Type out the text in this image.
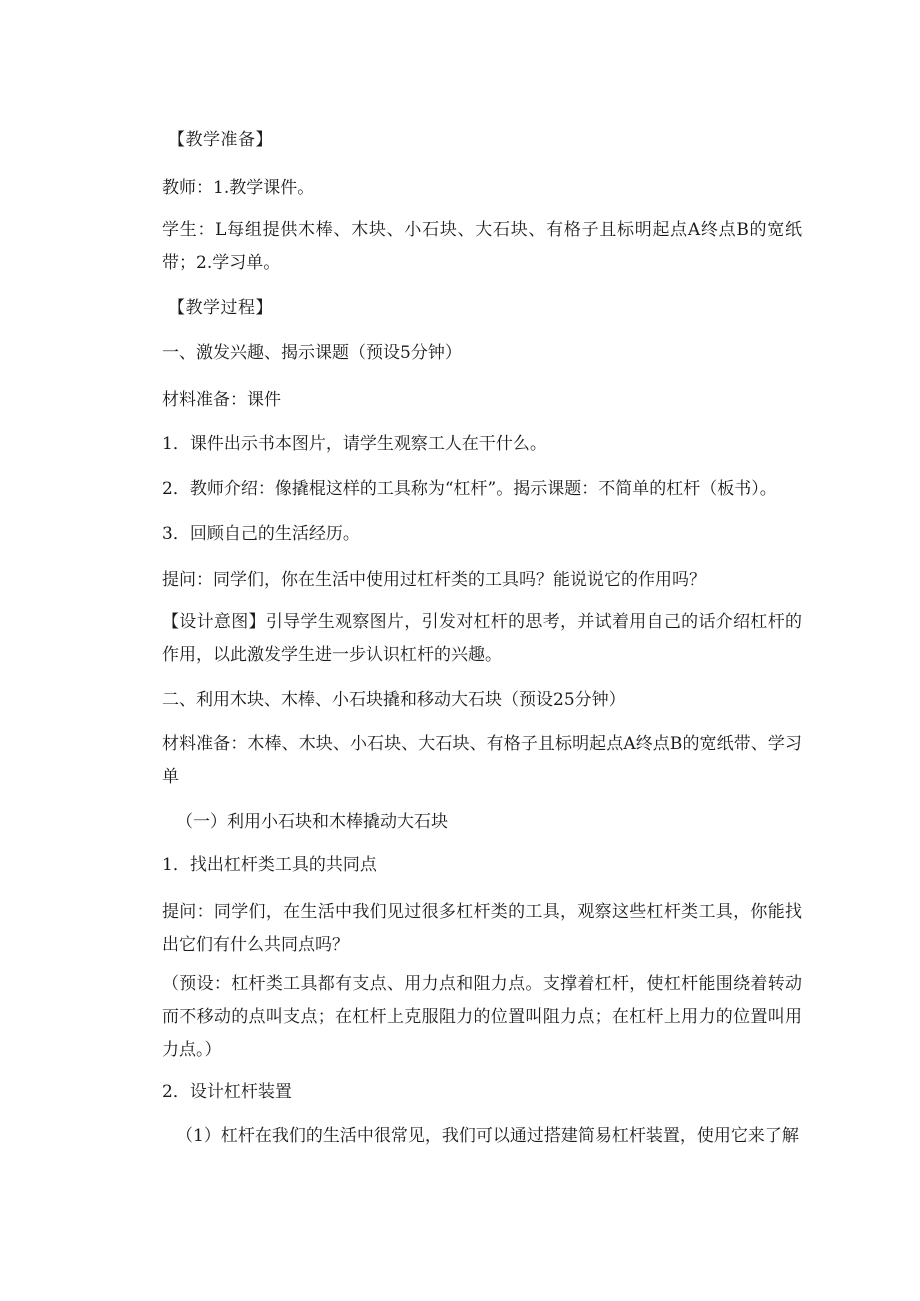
【教学准备】

教师：1.教学课件。

学生：L每组提供木棒、木块、小石块、大石块、有格子且标明起点A终点B的宽纸带；2.学习单。

【教学过程】

一、激发兴趣、揭示课题（预设5分钟）

材料准备：课件

1．课件出示书本图片，请学生观察工人在干什么。

2．教师介绍：像撬棍这样的工具称为“杠杆”。揭示课题：不简单的杠杆（板书）。

3．回顾自己的生活经历。

提问：同学们，你在生活中使用过杠杆类的工具吗？能说说它的作用吗？

【设计意图】引导学生观察图片，引发对杠杆的思考，并试着用自己的话介绍杠杆的作用，以此激发学生进一步认识杠杆的兴趣。

二、利用木块、木棒、小石块撬和移动大石块（预设25分钟）

材料准备：木棒、木块、小石块、大石块、有格子且标明起点A终点B的宽纸带、学习单

（一）利用小石块和木棒撬动大石块

1．找出杠杆类工具的共同点

提问：同学们，在生活中我们见过很多杠杆类的工具，观察这些杠杆类工具，你能找出它们有什么共同点吗？

（预设：杠杆类工具都有支点、用力点和阻力点。支撑着杠杆，使杠杆能围绕着转动而不移动的点叫支点；在杠杆上克服阻力的位置叫阻力点；在杠杆上用力的位置叫用力点。）

2．设计杠杆装置

（1）杠杆在我们的生活中很常见，我们可以通过搭建简易杠杆装置，使用它来了解
